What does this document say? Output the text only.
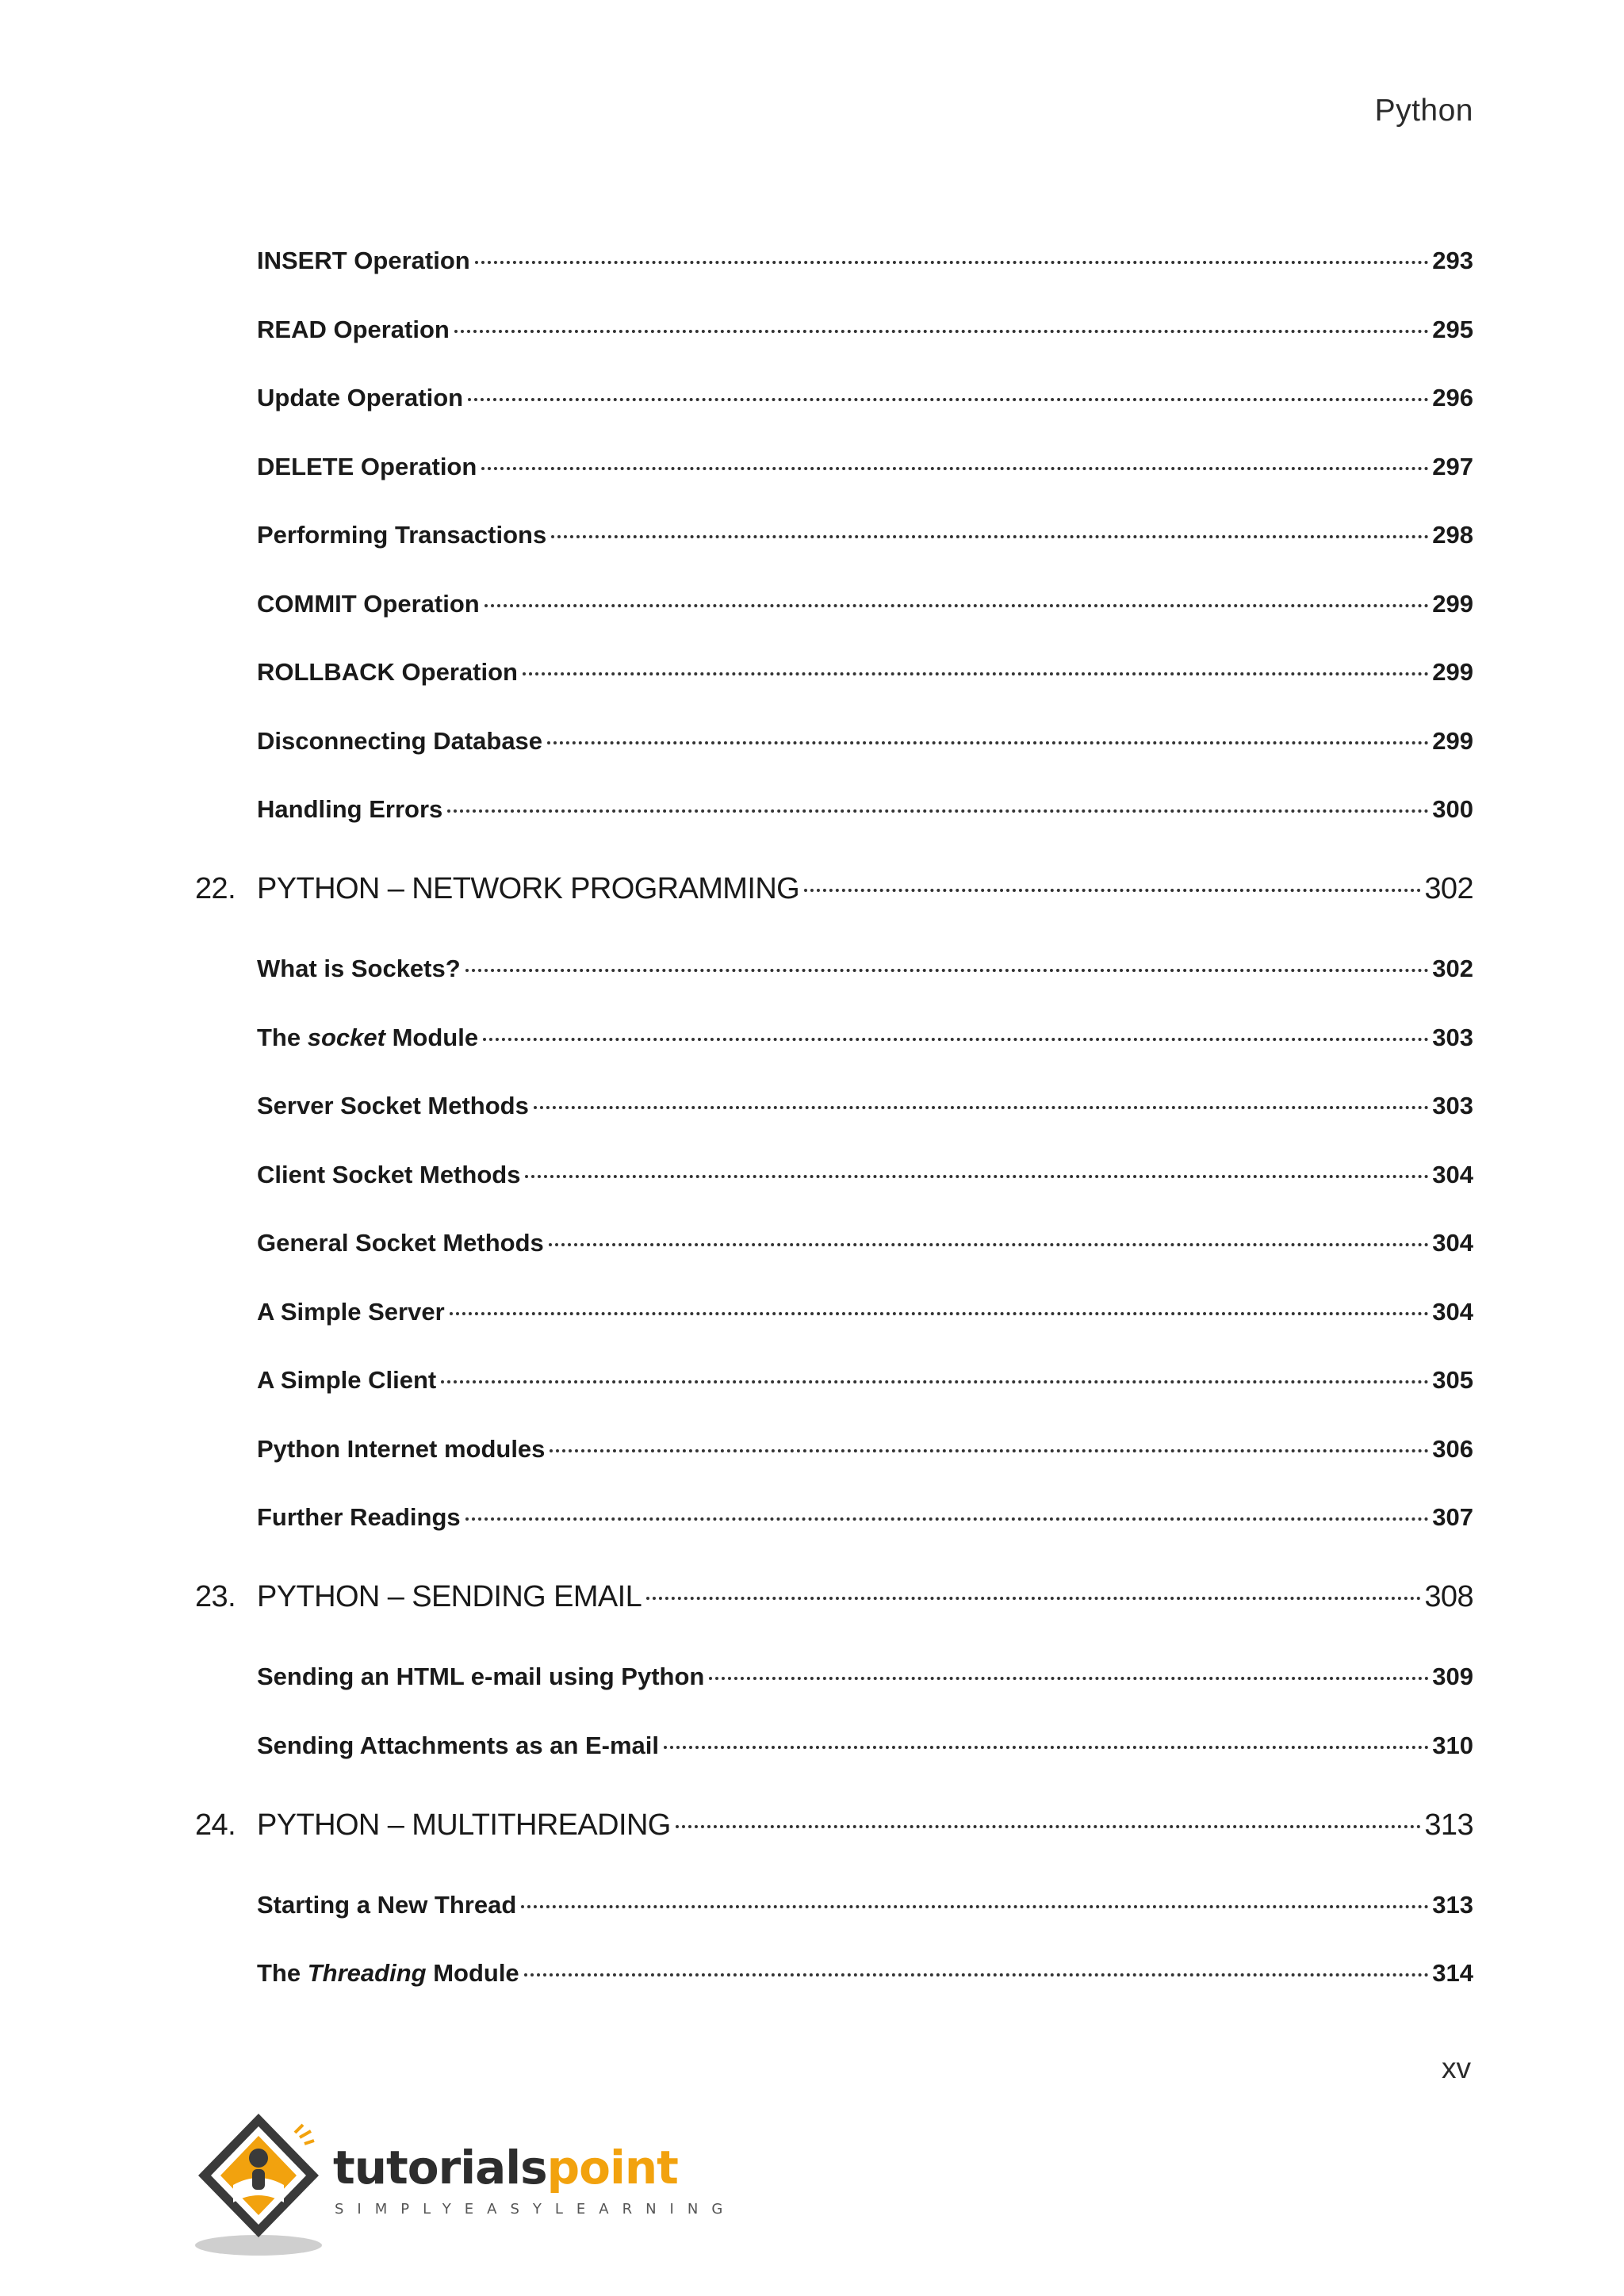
Python
INSERT Operation	293
READ Operation	295
Update Operation	296
DELETE Operation	297
Performing Transactions	298
COMMIT Operation	299
ROLLBACK Operation	299
Disconnecting Database	299
Handling Errors	300
22. PYTHON – NETWORK PROGRAMMING	302
What is Sockets?	302
The socket Module	303
Server Socket Methods	303
Client Socket Methods	304
General Socket Methods	304
A Simple Server	304
A Simple Client	305
Python Internet modules	306
Further Readings	307
23. PYTHON – SENDING EMAIL	308
Sending an HTML e-mail using Python	309
Sending Attachments as an E-mail	310
24. PYTHON – MULTITHREADING	313
Starting a New Thread	313
The Threading Module	314
xv
tutorialspoint
SIMPLYEASYLEARNING
